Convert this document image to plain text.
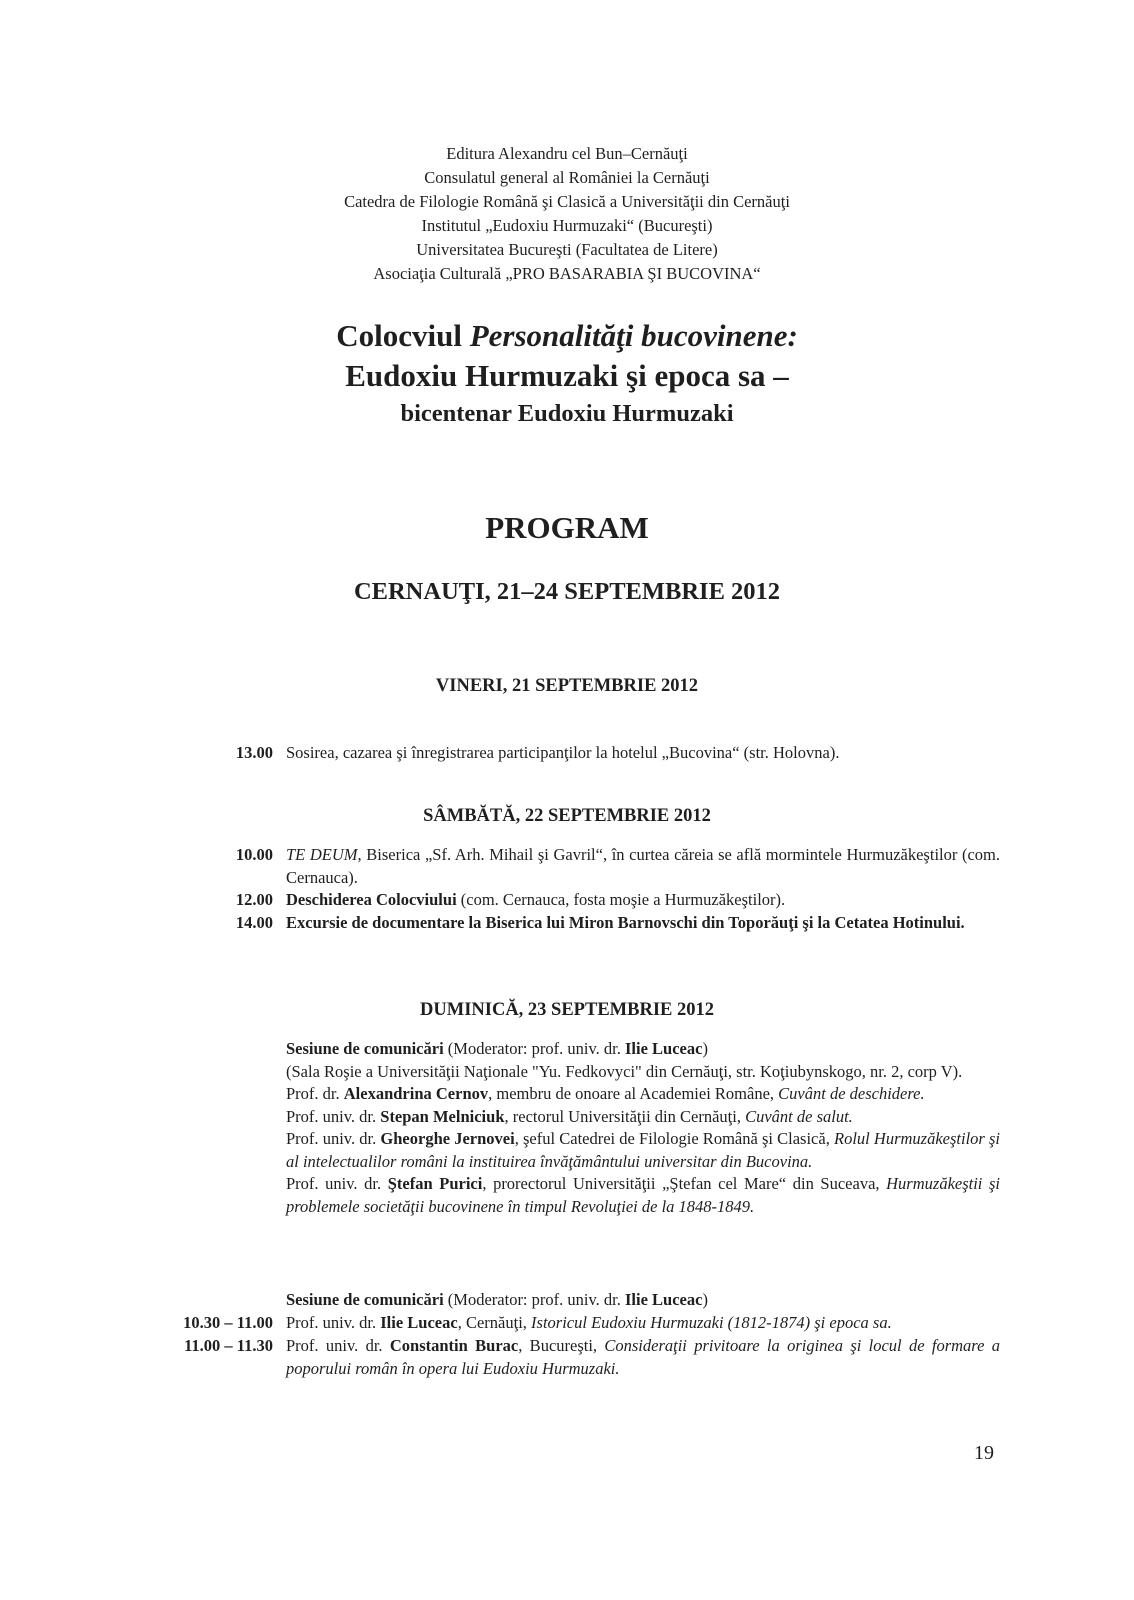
Editura Alexandru cel Bun–Cernăuţi
Consulatul general al României la Cernăuţi
Catedra de Filologie Română şi Clasică a Universităţii din Cernăuţi
Institutul „Eudoxiu Hurmuzaki“ (Bucureşti)
Universitatea Bucureşti (Facultatea de Litere)
Asociaţia Culturală „PRO BASARABIA ŞI BUCOVINA“
Colocviul Personalităţi bucovinene:
Eudoxiu Hurmuzaki şi epoca sa –
bicentenar Eudoxiu Hurmuzaki
PROGRAM
CERNAUŢI, 21–24 SEPTEMBRIE 2012
VINERI, 21 SEPTEMBRIE 2012
13.00 Sosirea, cazarea şi înregistrarea participanţilor la hotelul „Bucovina“ (str. Holovna).
SÂMBĂTĂ, 22 SEPTEMBRIE 2012
10.00 TE DEUM, Biserica „Sf. Arh. Mihail şi Gavril“, în curtea căreia se află mormintele Hurmuzăkeştilor (com. Cernauca).
12.00 Deschiderea Colocviului (com. Cernauca, fosta moşie a Hurmuzăkeştilor).
14.00 Excursie de documentare la Biserica lui Miron Barnovschi din Toporăuţi şi la Cetatea Hotinului.
DUMINICĂ, 23 SEPTEMBRIE 2012
Sesiune de comunicări (Moderator: prof. univ. dr. Ilie Luceac)
(Sala Roşie a Universităţii Naţionale "Yu. Fedkovyci" din Cernăuţi, str. Koţiubynskogo, nr. 2, corp V).
Prof. dr. Alexandrina Cernov, membru de onoare al Academiei Române, Cuvânt de deschidere.
Prof. univ. dr. Stepan Melniciuk, rectorul Universităţii din Cernăuţi, Cuvânt de salut.
Prof. univ. dr. Gheorghe Jernovei, şeful Catedrei de Filologie Română şi Clasică, Rolul Hurmuzăkeştilor şi al intelectualilor români la instituirea învăţământului universitar din Bucovina.
Prof. univ. dr. Ştefan Purici, prorectorul Universităţii „Ştefan cel Mare“ din Suceava, Hurmuzăkeştii şi problemele societăţii bucovinene în timpul Revoluţiei de la 1848-1849.
Sesiune de comunicări (Moderator: prof. univ. dr. Ilie Luceac)
10.30 – 11.00 Prof. univ. dr. Ilie Luceac, Cernăuţi, Istoricul Eudoxiu Hurmuzaki (1812-1874) şi epoca sa.
11.00 – 11.30 Prof. univ. dr. Constantin Burac, Bucureşti, Consideraţii privitoare la originea şi locul de formare a poporului român în opera lui Eudoxiu Hurmuzaki.
19
